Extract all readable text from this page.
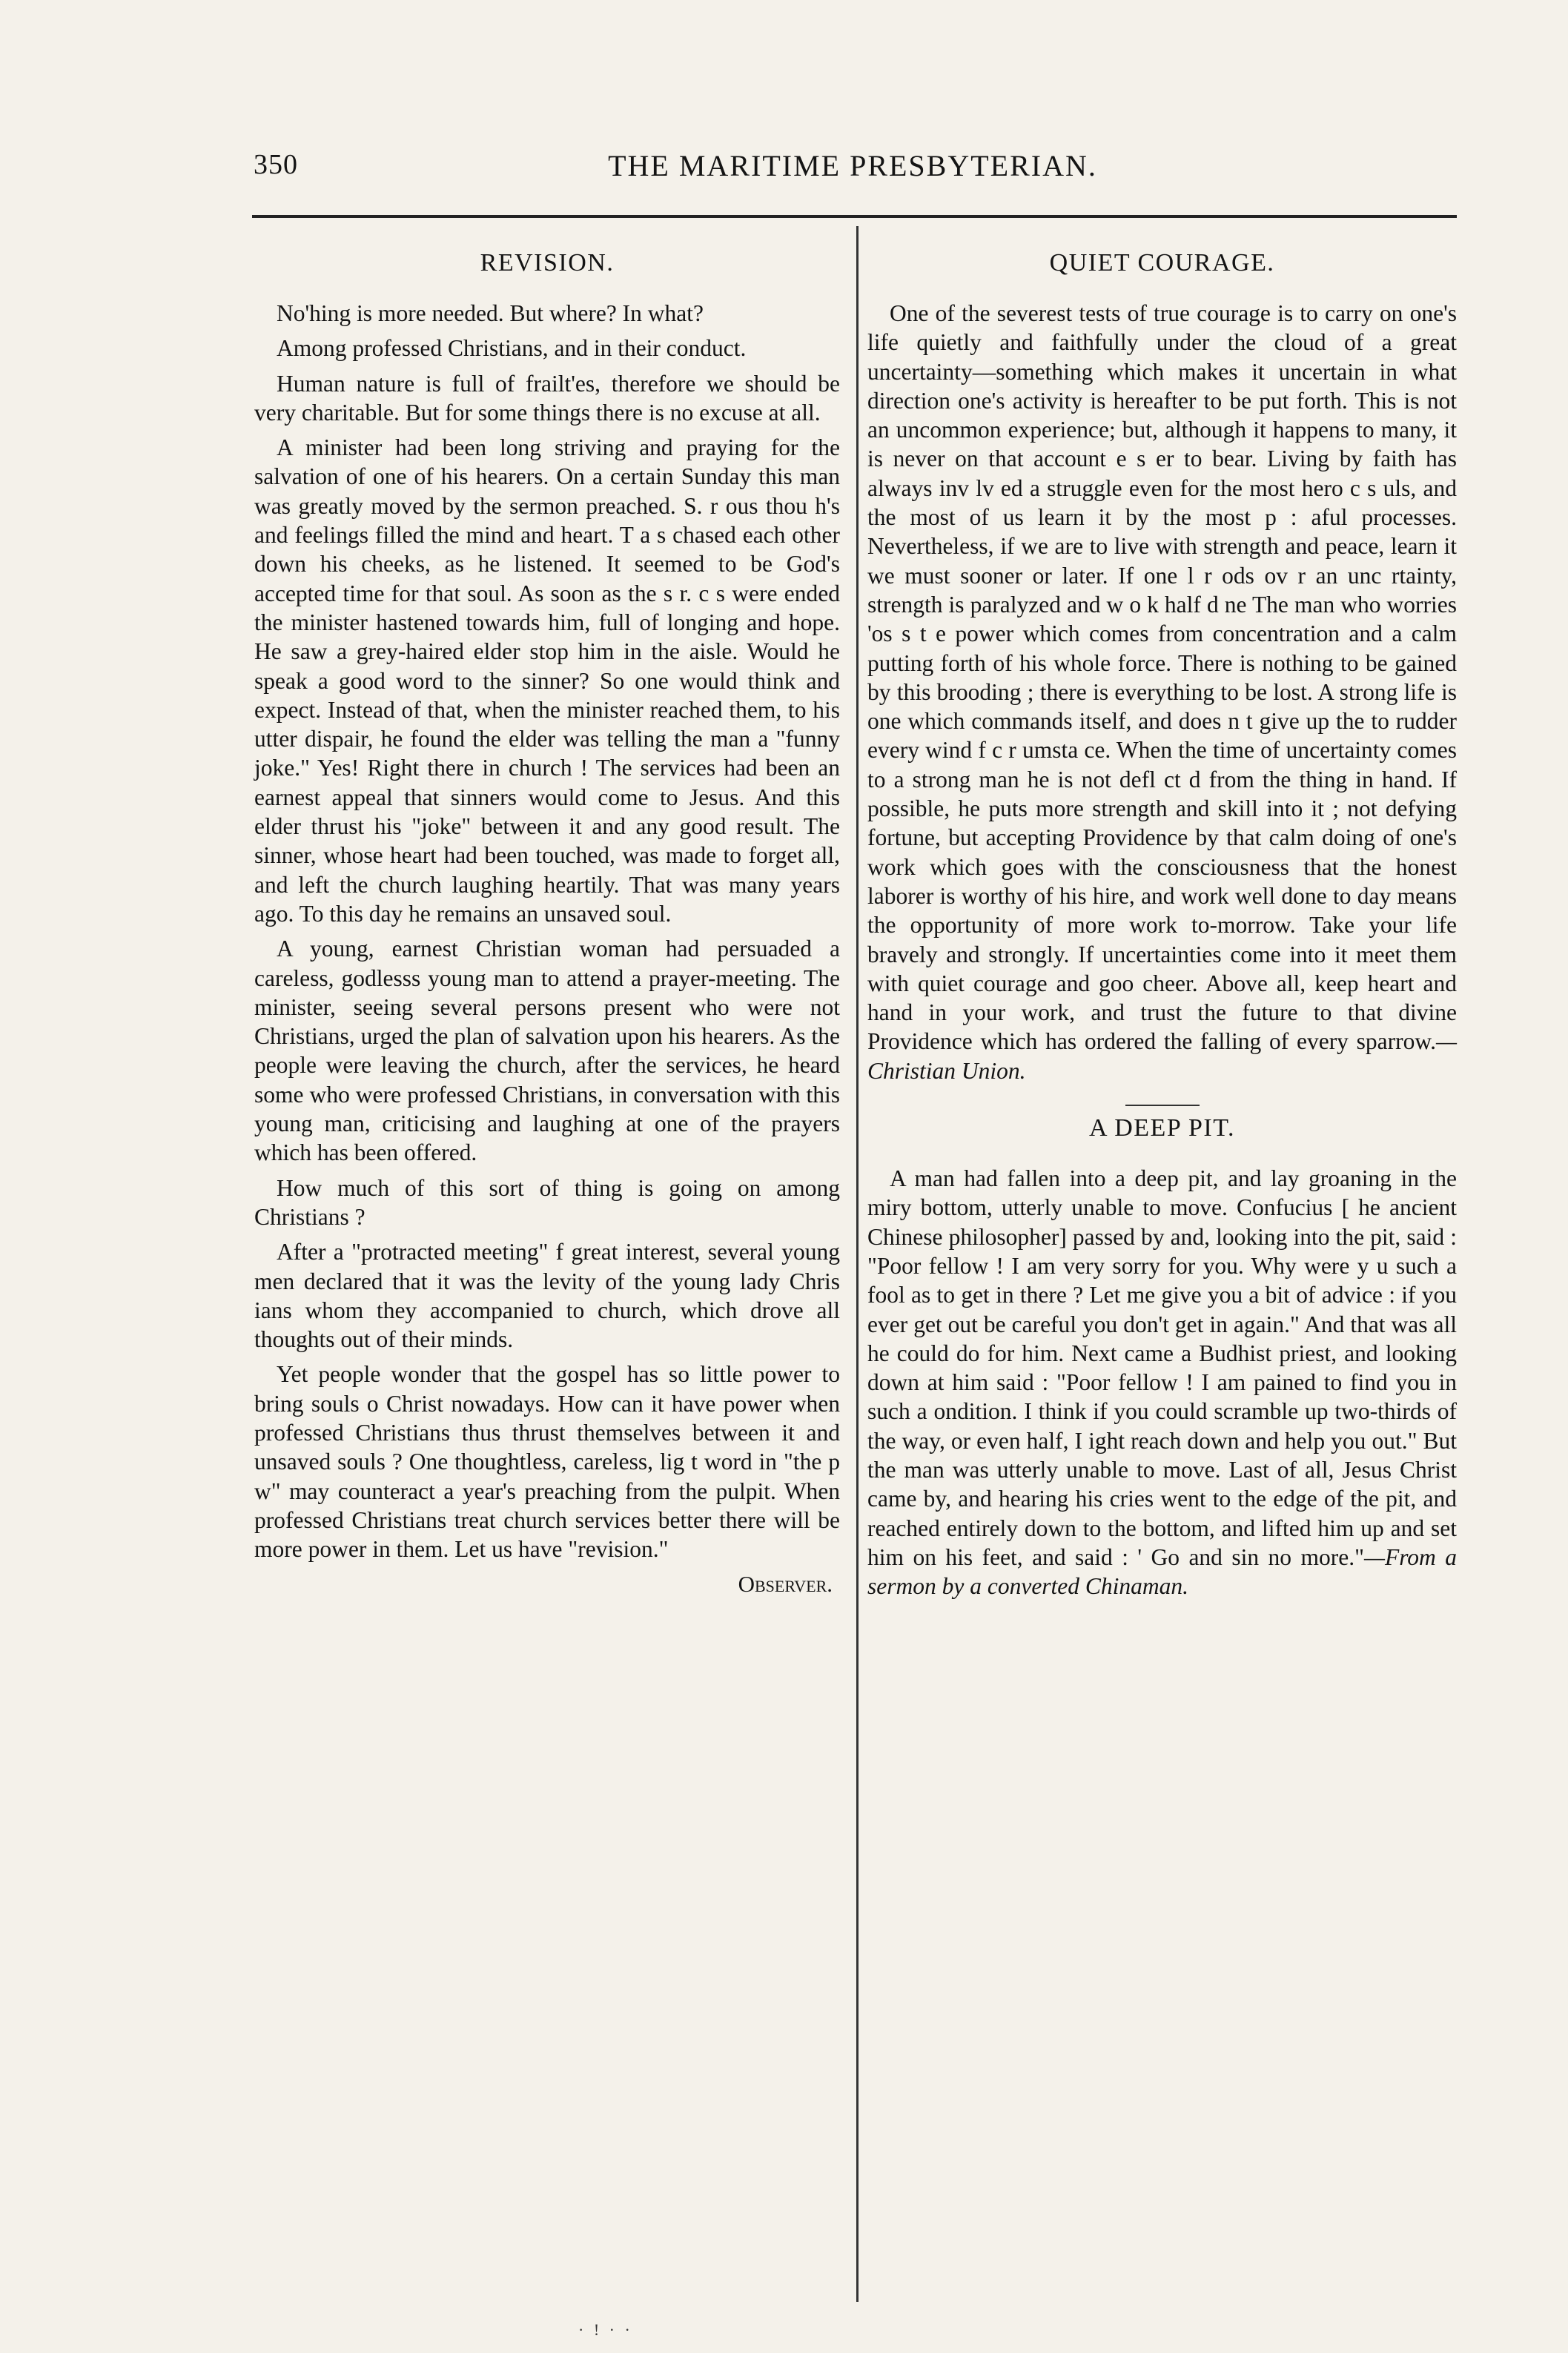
350	THE MARITIME PRESBYTERIAN.
REVISION.

No'hing is more needed. But where? In what?

Among professed Christians, and in their conduct.

Human nature is full of frailt'es, therefore we should be very charitable. But for some things there is no excuse at all.

A minister had been long striving and praying for the salvation of one of his hearers. On a certain Sunday this man was greatly moved by the sermon preached. S. r ous thou h's and feelings filled the mind and heart. T a s chased each other down his cheeks, as he listened. It seemed to be God's accepted time for that soul. As soon as the s r. c s were ended the minister hastened towards him, full of longing and hope. He saw a grey-haired elder stop him in the aisle. Would he speak a good word to the sinner? So one would think and expect. Instead of that, when the minister reached them, to his utter dispair, he found the elder was telling the man a "funny joke." Yes! Right there in church ! The services had been an earnest appeal that sinners would come to Jesus. And this elder thrust his "joke" between it and any good result. The sinner, whose heart had been touched, was made to forget all, and left the church laughing heartily. That was many years ago. To this day he remains an unsaved soul.

A young, earnest Christian woman had persuaded a careless, godlesss young man to attend a prayer-meeting. The minister, seeing several persons present who were not Christians, urged the plan of salvation upon his hearers. As the people were leaving the church, after the services, he heard some who were professed Christians, in conversation with this young man, criticising and laughing at one of the prayers which has been offered.

How much of this sort of thing is going on among Christians ?

After a "protracted meeting" f great interest, several young men declared that it was the levity of the young lady Chris ians whom they accompanied to church, which drove all thoughts out of their minds.

Yet people wonder that the gospel has so little power to bring souls o Christ nowadays. How can it have power when professed Christians thus thrust themselves between it and unsaved souls ? One thoughtless, careless, lig t word in "the p w" may counteract a year's preaching from the pulpit. When professed Christians treat church services better there will be more power in them. Let us have "revision."

Observer.
QUIET COURAGE.

One of the severest tests of true courage is to carry on one's life quietly and faithfully under the cloud of a great uncertainty—something which makes it uncertain in what direction one's activity is hereafter to be put forth. This is not an uncommon experience; but, although it happens to many, it is never on that account e s er to bear. Living by faith has always inv lv ed a struggle even for the most hero c s uls, and the most of us learn it by the most p : aful processes. Nevertheless, if we are to live with strength and peace, learn it we must sooner or later. If one l r ods ov r an unc rtainty, strength is paralyzed and w o k half d ne The man who worries 'os s t e power which comes from concentration and a calm putting forth of his whole force. There is nothing to be gained by this brooding ; there is everything to be lost. A strong life is one which commands itself, and does n t give up the to rudder every wind f c r umsta ce. When the time of uncertainty comes to a strong man he is not defl ct d from the thing in hand. If possible, he puts more strength and skill into it ; not defying fortune, but accepting Providence by that calm doing of one's work which goes with the consciousness that the honest laborer is worthy of his hire, and work well done to day means the opportunity of more work to-morrow. Take your life bravely and strongly. If uncertainties come into it meet them with quiet courage and goo cheer. Above all, keep heart and hand in your work, and trust the future to that divine Providence which has ordered the falling of every sparrow.—Christian Union.

A DEEP PIT.

A man had fallen into a deep pit, and lay groaning in the miry bottom, utterly unable to move. Confucius [ he ancient Chinese philosopher] passed by and, looking into the pit, said : "Poor fellow ! I am very sorry for you. Why were y u such a fool as to get in there ? Let me give you a bit of advice : if you ever get out be careful you don't get in again." And that was all he could do for him. Next came a Budhist priest, and looking down at him said : "Poor fellow ! I am pained to find you in such a ondition. I think if you could scramble up two-thirds of the way, or even half, I ight reach down and help you out." But the man was utterly unable to move. Last of all, Jesus Christ came by, and hearing his cries went to the edge of the pit, and reached entirely down to the bottom, and lifted him up and set him on his feet, and said : ' Go and sin no more."—From a sermon by a converted Chinaman.

· ! · ·
